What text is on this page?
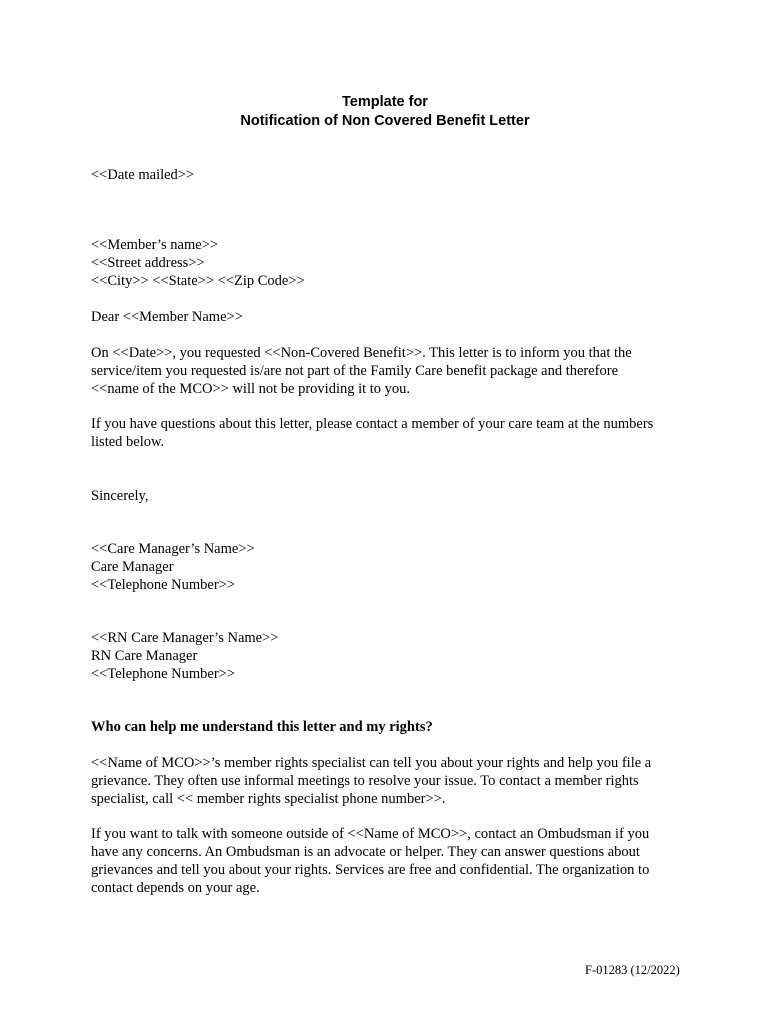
Template for
Notification of Non Covered Benefit Letter
<<Date mailed>>
<<Member’s name>>
<<Street address>>
<<City>> <<State>> <<Zip Code>>
Dear <<Member Name>>
On <<Date>>, you requested <<Non-Covered Benefit>>. This letter is to inform you that the
service/item you requested is/are not part of the Family Care benefit package and therefore
<<name of the MCO>> will not be providing it to you.
If you have questions about this letter, please contact a member of your care team at the numbers
listed below.
Sincerely,
<<Care Manager’s Name>>
Care Manager
<<Telephone Number>>
<<RN Care Manager’s Name>>
RN Care Manager
<<Telephone Number>>
Who can help me understand this letter and my rights?
<<Name of MCO>>’s member rights specialist can tell you about your rights and help you file a
grievance. They often use informal meetings to resolve your issue. To contact a member rights
specialist, call << member rights specialist phone number>>.
If you want to talk with someone outside of <<Name of MCO>>, contact an Ombudsman if you
have any concerns. An Ombudsman is an advocate or helper. They can answer questions about
grievances and tell you about your rights. Services are free and confidential. The organization to
contact depends on your age.
F-01283 (12/2022)
